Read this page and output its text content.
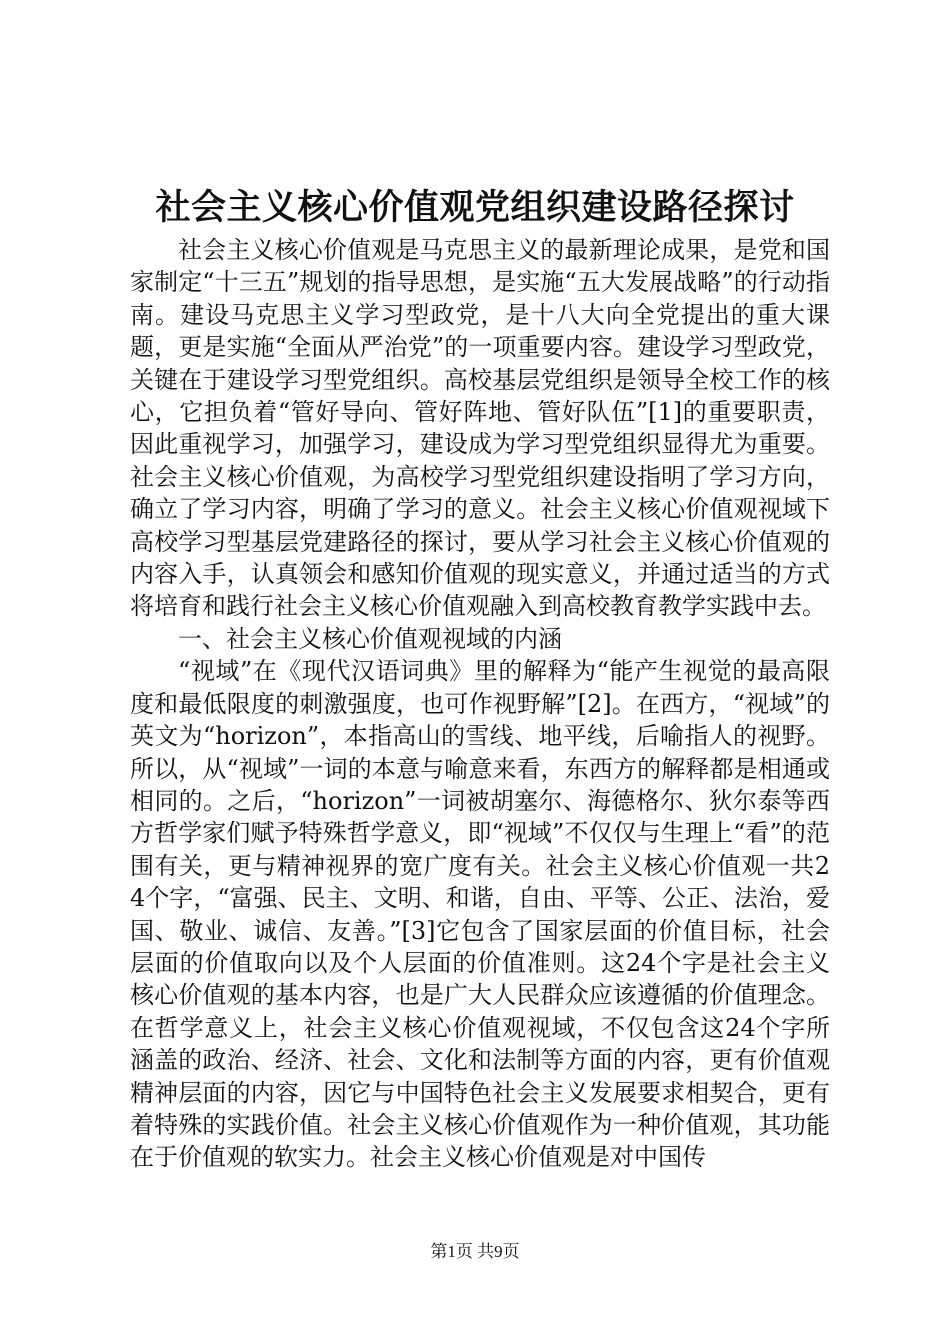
社会主义核心价值观党组织建设路径探讨

社会主义核心价值观是马克思主义的最新理论成果，是党和国家制定“十三五”规划的指导思想，是实施“五大发展战略”的行动指南。建设马克思主义学习型政党，是十八大向全党提出的重大课题，更是实施“全面从严治党”的一项重要内容。建设学习型政党，关键在于建设学习型党组织。高校基层党组织是领导全校工作的核心，它担负着“管好导向、管好阵地、管好队伍”[1]的重要职责，因此重视学习，加强学习，建设成为学习型党组织显得尤为重要。社会主义核心价值观，为高校学习型党组织建设指明了学习方向，确立了学习内容，明确了学习的意义。社会主义核心价值观视域下高校学习型基层党建路径的探讨，要从学习社会主义核心价值观的内容入手，认真领会和感知价值观的现实意义，并通过适当的方式将培育和践行社会主义核心价值观融入到高校教育教学实践中去。

一、社会主义核心价值观视域的内涵

“视域”在《现代汉语词典》里的解释为“能产生视觉的最高限度和最低限度的刺激强度，也可作视野解”[2]。在西方，“视域”的英文为“horizon”，本指高山的雪线、地平线，后喻指人的视野。所以，从“视域”一词的本意与喻意来看，东西方的解释都是相通或相同的。之后，“horizon”一词被胡塞尔、海德格尔、狄尔泰等西方哲学家们赋予特殊哲学意义，即“视域”不仅仅与生理上“看”的范围有关，更与精神视界的宽广度有关。社会主义核心价值观一共24个字，“富强、民主、文明、和谐，自由、平等、公正、法治，爱国、敬业、诚信、友善。”[3]它包含了国家层面的价值目标，社会层面的价值取向以及个人层面的价值准则。这24个字是社会主义核心价值观的基本内容，也是广大人民群众应该遵循的价值理念。在哲学意义上，社会主义核心价值观视域，不仅包含这24个字所涵盖的政治、经济、社会、文化和法制等方面的内容，更有价值观精神层面的内容，因它与中国特色社会主义发展要求相契合，更有着特殊的实践价值。社会主义核心价值观作为一种价值观，其功能在于价值观的软实力。社会主义核心价值观是对中国传

第1页 共9页
